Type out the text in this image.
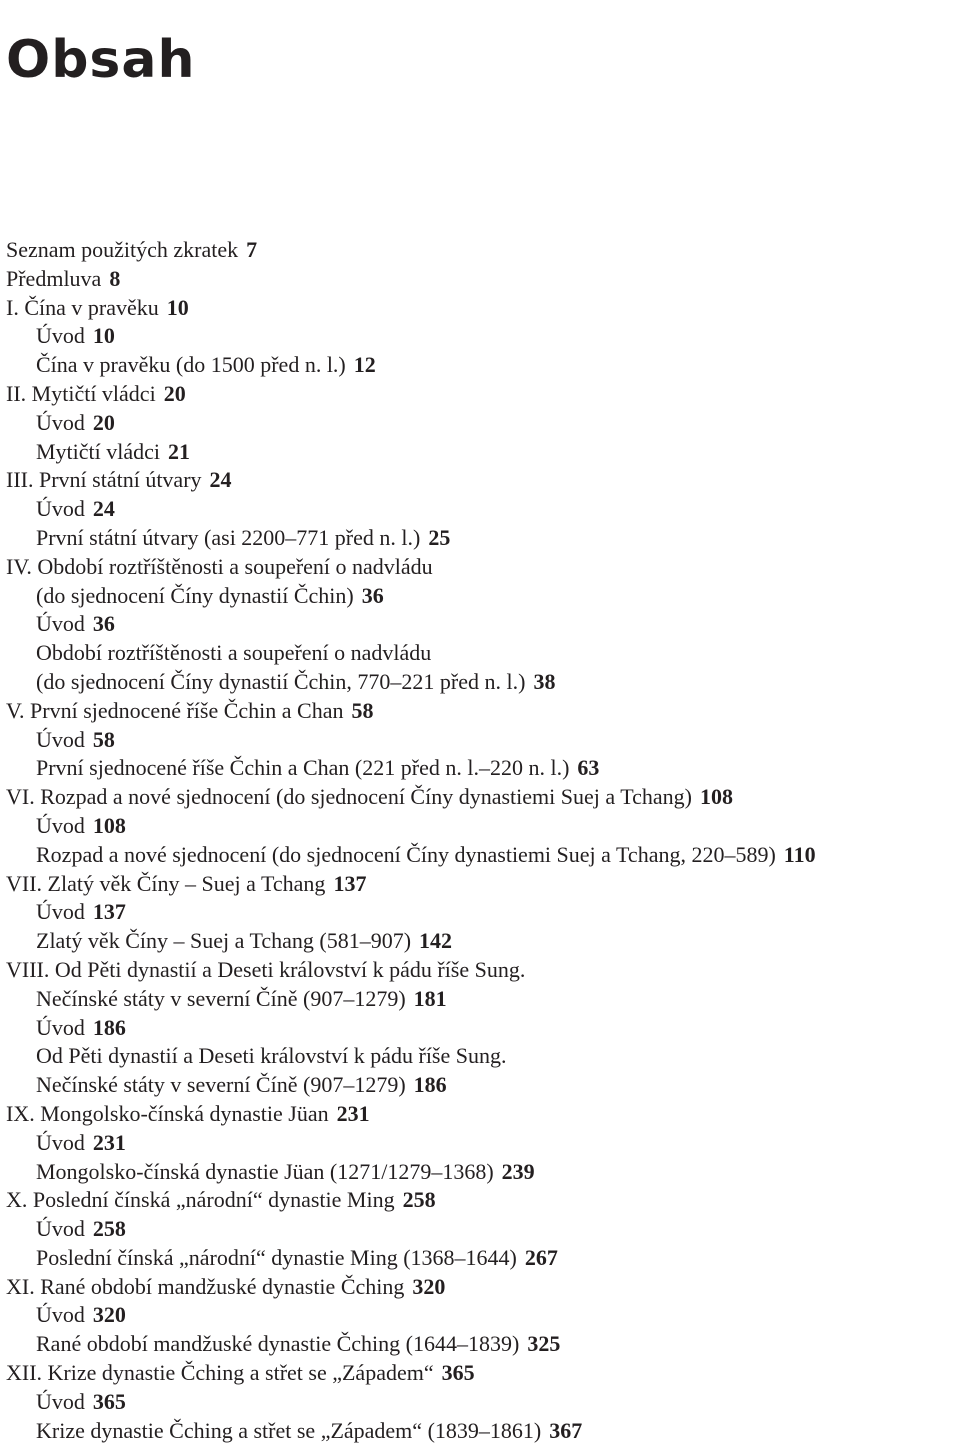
Obsah
Seznam použitých zkratek 7
Předmluva 8
I. Čína v pravěku 10
Úvod 10
Čína v pravěku (do 1500 před n. l.) 12
II. Mytičtí vládci 20
Úvod 20
Mytičtí vládci 21
III. První státní útvary 24
Úvod 24
První státní útvary (asi 2200–771 před n. l.) 25
IV. Období roztříštěnosti a soupeření o nadvládu
(do sjednocení Číny dynastií Čchin) 36
Úvod 36
Období roztříštěnosti a soupeření o nadvládu
(do sjednocení Číny dynastií Čchin, 770–221 před n. l.) 38
V. První sjednocené říše Čchin a Chan 58
Úvod 58
První sjednocené říše Čchin a Chan (221 před n. l.–220 n. l.) 63
VI. Rozpad a nové sjednocení (do sjednocení Číny dynastiemi Suej a Tchang) 108
Úvod 108
Rozpad a nové sjednocení (do sjednocení Číny dynastiemi Suej a Tchang, 220–589) 110
VII. Zlatý věk Číny – Suej a Tchang 137
Úvod 137
Zlatý věk Číny – Suej a Tchang (581–907) 142
VIII. Od Pěti dynastií a Deseti království k pádu říše Sung.
Nečínské státy v severní Číně (907–1279) 181
Úvod 186
Od Pěti dynastií a Deseti království k pádu říše Sung.
Nečínské státy v severní Číně (907–1279) 186
IX. Mongolsko-čínská dynastie Jüan 231
Úvod 231
Mongolsko-čínská dynastie Jüan (1271/1279–1368) 239
X. Poslední čínská „národní“ dynastie Ming 258
Úvod 258
Poslední čínská „národní“ dynastie Ming (1368–1644) 267
XI. Rané období mandžuské dynastie Čching 320
Úvod 320
Rané období mandžuské dynastie Čching (1644–1839) 325
XII. Krize dynastie Čching a střet se „Západem“ 365
Úvod 365
Krize dynastie Čching a střet se „Západem“ (1839–1861) 367
